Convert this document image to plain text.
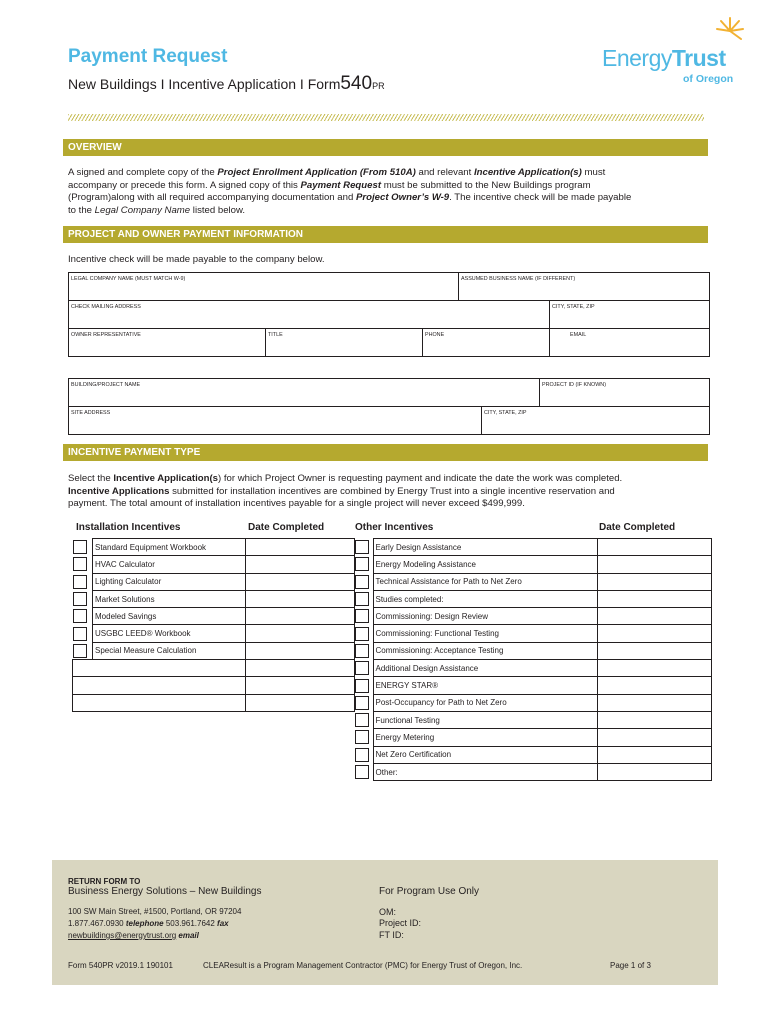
Payment Request
New Buildings I Incentive Application I Form540PR
EnergyTrust
of Oregon
OVERVIEW
A signed and complete copy of the Project Enrollment Application (From 510A) and relevant Incentive Application(s) must
accompany or precede this form. A signed copy of this Payment Request must be submitted to the New Buildings program
(Program)along with all required accompanying documentation and Project Owner’s W-9. The incentive check will be made payable
to the Legal Company Name listed below.
PROJECT AND OWNER PAYMENT INFORMATION
Incentive check will be made payable to the company below.
LEGAL COMPANY NAME (MUST MATCH W-9)			ASSUMED BUSINESS NAME (IF DIFFERENT)	
CHECK MAILING ADDRESS				CITY, STATE, ZIP
OWNER REPRESENTATIVE	TITLE	PHONE		EMAIL
BUILDING/PROJECT NAME		PROJECT ID (IF KNOWN)
SITE ADDRESS	CITY, STATE, ZIP	
INCENTIVE PAYMENT TYPE
Select the Incentive Application(s) for which Project Owner is requesting payment and indicate the date the work was completed.
Incentive Applications submitted for installation incentives are combined by Energy Trust into a single incentive reservation and
payment. The total amount of installation incentives payable for a single project will never exceed $499,999.
Installation Incentives	Date Completed	Other Incentives	Date Completed
	Standard Equipment Workbook	
	HVAC Calculator	
	Lighting Calculator	
	Market Solutions	
	Modeled Savings	
	USGBC LEED® Workbook	
	Special Measure Calculation	

	Early Design Assistance	
	Energy Modeling Assistance	
	Technical Assistance for Path to Net Zero	
	Studies completed:	
	Commissioning: Design Review	
	Commissioning: Functional Testing	
	Commissioning: Acceptance Testing	
	Additional Design Assistance	
	ENERGY STAR®	
	Post-Occupancy for Path to Net Zero	
	Functional Testing	
	Energy Metering	
	Net Zero Certification	
	Other:	
RETURN FORM TO
Business Energy Solutions – New Buildings
100 SW Main Street, #1500, Portland, OR 97204
1.877.467.0930 telephone 503.961.7642 fax
newbuildings@energytrust.org email
For Program Use Only
OM:
Project ID:
FT ID:
Form 540PR v2019.1 190101	CLEAResult is a Program Management Contractor (PMC) for Energy Trust of Oregon, Inc.	Page 1 of 3
